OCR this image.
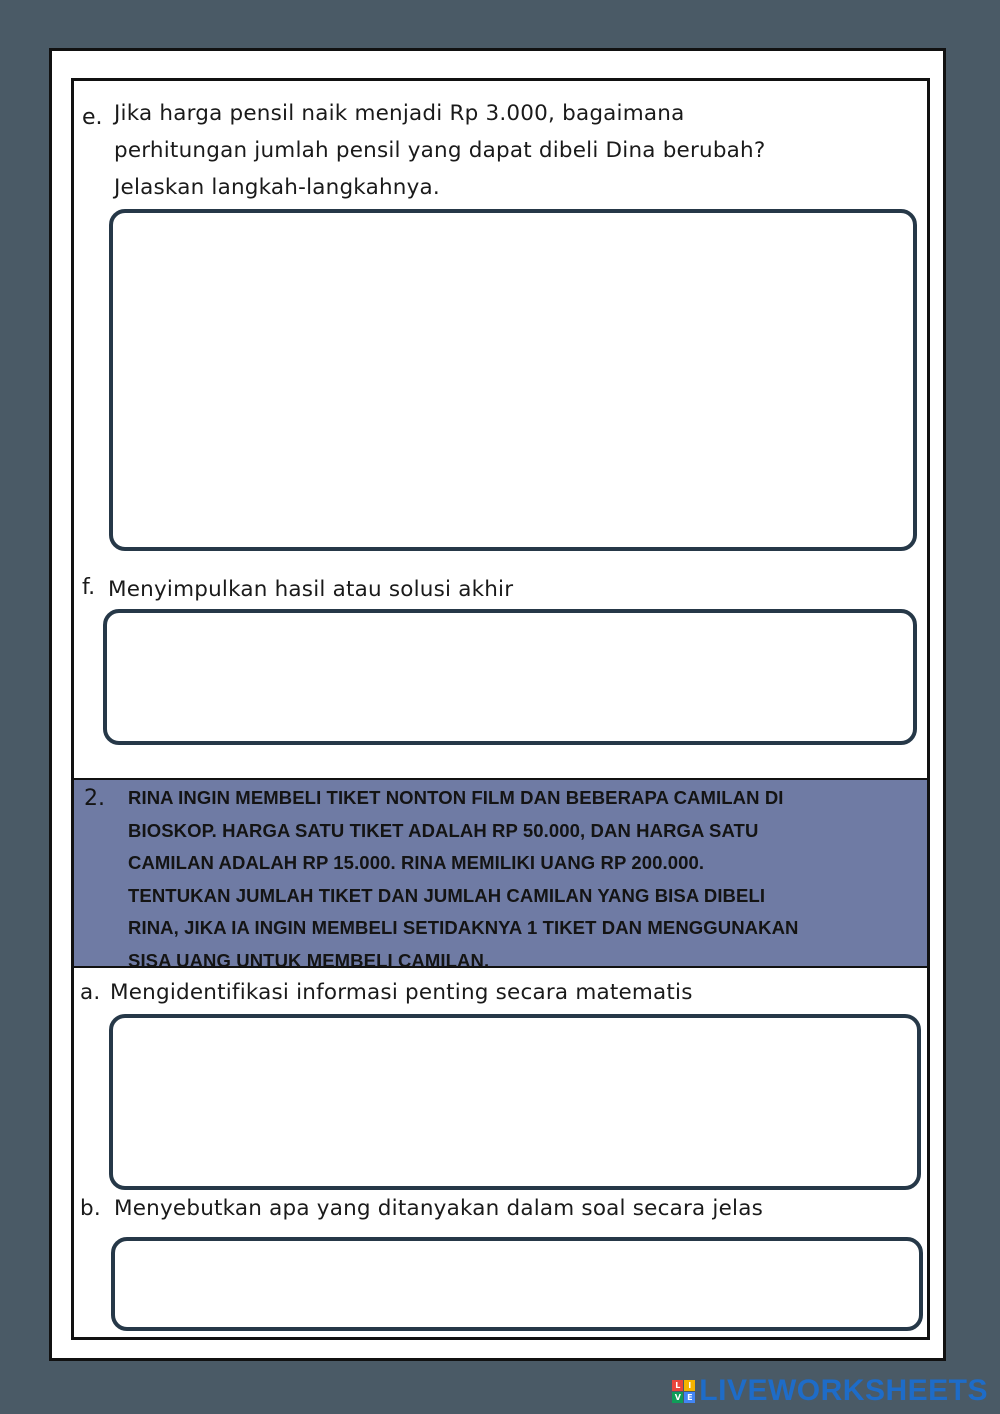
e. Jika harga pensil naik menjadi Rp 3.000, bagaimana
perhitungan jumlah pensil yang dapat dibeli Dina berubah?
Jelaskan langkah-langkahnya.
f. Menyimpulkan hasil atau solusi akhir
2. RINA INGIN MEMBELI TIKET NONTON FILM DAN BEBERAPA CAMILAN DI
BIOSKOP. HARGA SATU TIKET ADALAH RP 50.000, DAN HARGA SATU
CAMILAN ADALAH RP 15.000. RINA MEMILIKI UANG RP 200.000.
TENTUKAN JUMLAH TIKET DAN JUMLAH CAMILAN YANG BISA DIBELI
RINA, JIKA IA INGIN MEMBELI SETIDAKNYA 1 TIKET DAN MENGGUNAKAN
SISA UANG UNTUK MEMBELI CAMILAN.
a. Mengidentifikasi informasi penting secara matematis
b. Menyebutkan apa yang ditanyakan dalam soal secara jelas
L I
V E LIVEWORKSHEETS
